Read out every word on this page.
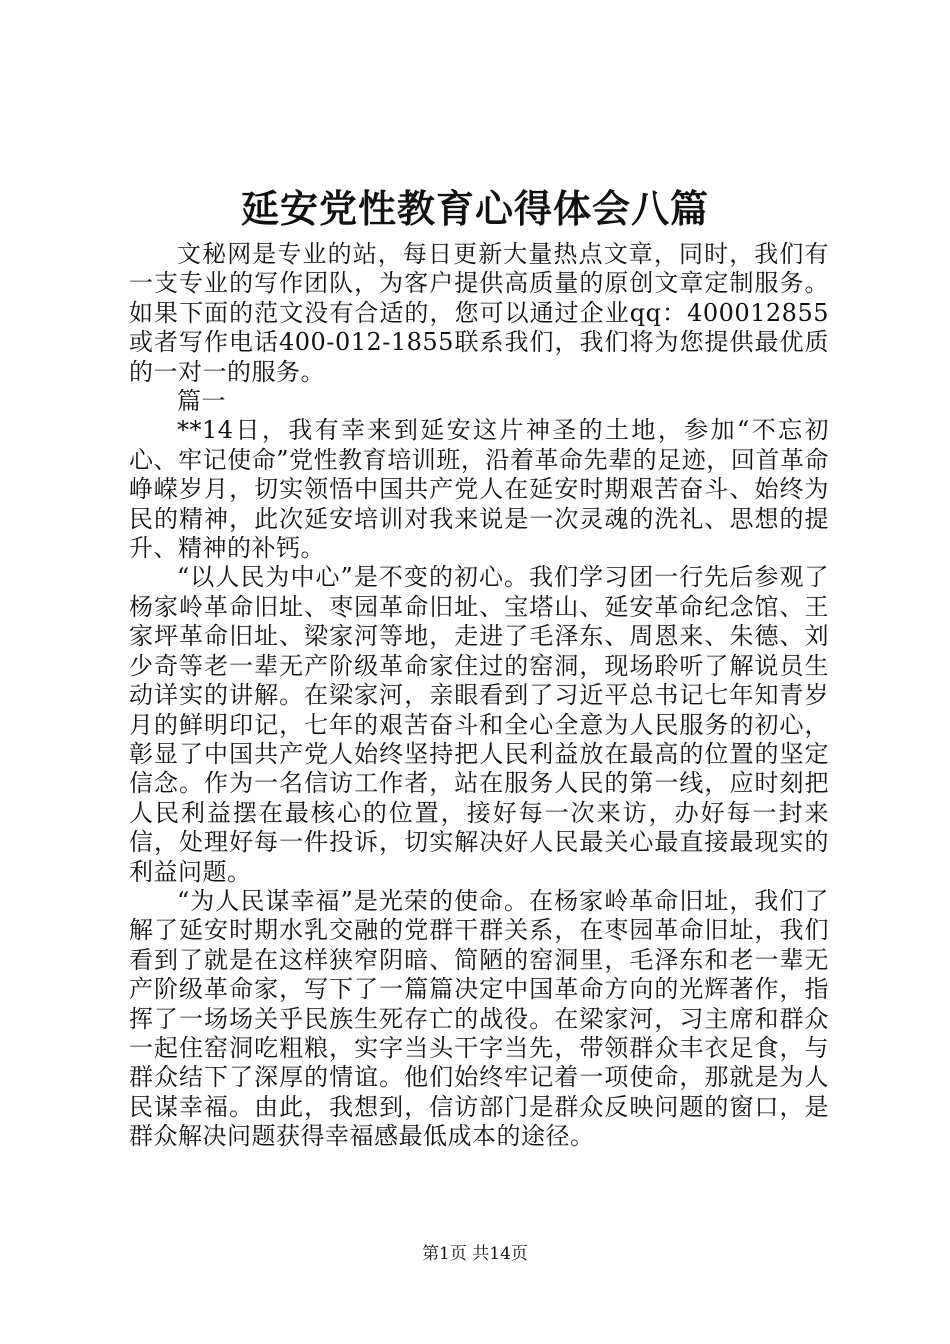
延安党性教育心得体会八篇

文秘网是专业的站，每日更新大量热点文章，同时，我们有一支专业的写作团队，为客户提供高质量的原创文章定制服务。如果下面的范文没有合适的，您可以通过企业qq：400012855或者写作电话400-012-1855联系我们，我们将为您提供最优质的一对一的服务。

篇一

**14日，我有幸来到延安这片神圣的土地，参加“不忘初心、牢记使命”党性教育培训班，沿着革命先辈的足迹，回首革命峥嵘岁月，切实领悟中国共产党人在延安时期艰苦奋斗、始终为民的精神，此次延安培训对我来说是一次灵魂的洗礼、思想的提升、精神的补钙。

“以人民为中心”是不变的初心。我们学习团一行先后参观了杨家岭革命旧址、枣园革命旧址、宝塔山、延安革命纪念馆、王家坪革命旧址、梁家河等地，走进了毛泽东、周恩来、朱德、刘少奇等老一辈无产阶级革命家住过的窑洞，现场聆听了解说员生动详实的讲解。在梁家河，亲眼看到了习近平总书记七年知青岁月的鲜明印记，七年的艰苦奋斗和全心全意为人民服务的初心，彰显了中国共产党人始终坚持把人民利益放在最高的位置的坚定信念。作为一名信访工作者，站在服务人民的第一线，应时刻把人民利益摆在最核心的位置，接好每一次来访，办好每一封来信，处理好每一件投诉，切实解决好人民最关心最直接最现实的利益问题。

“为人民谋幸福”是光荣的使命。在杨家岭革命旧址，我们了解了延安时期水乳交融的党群干群关系，在枣园革命旧址，我们看到了就是在这样狭窄阴暗、简陋的窑洞里，毛泽东和老一辈无产阶级革命家，写下了一篇篇决定中国革命方向的光辉著作，指挥了一场场关乎民族生死存亡的战役。在梁家河，习主席和群众一起住窑洞吃粗粮，实字当头干字当先，带领群众丰衣足食，与群众结下了深厚的情谊。他们始终牢记着一项使命，那就是为人民谋幸福。由此，我想到，信访部门是群众反映问题的窗口，是群众解决问题获得幸福感最低成本的途径。

第1页 共14页
